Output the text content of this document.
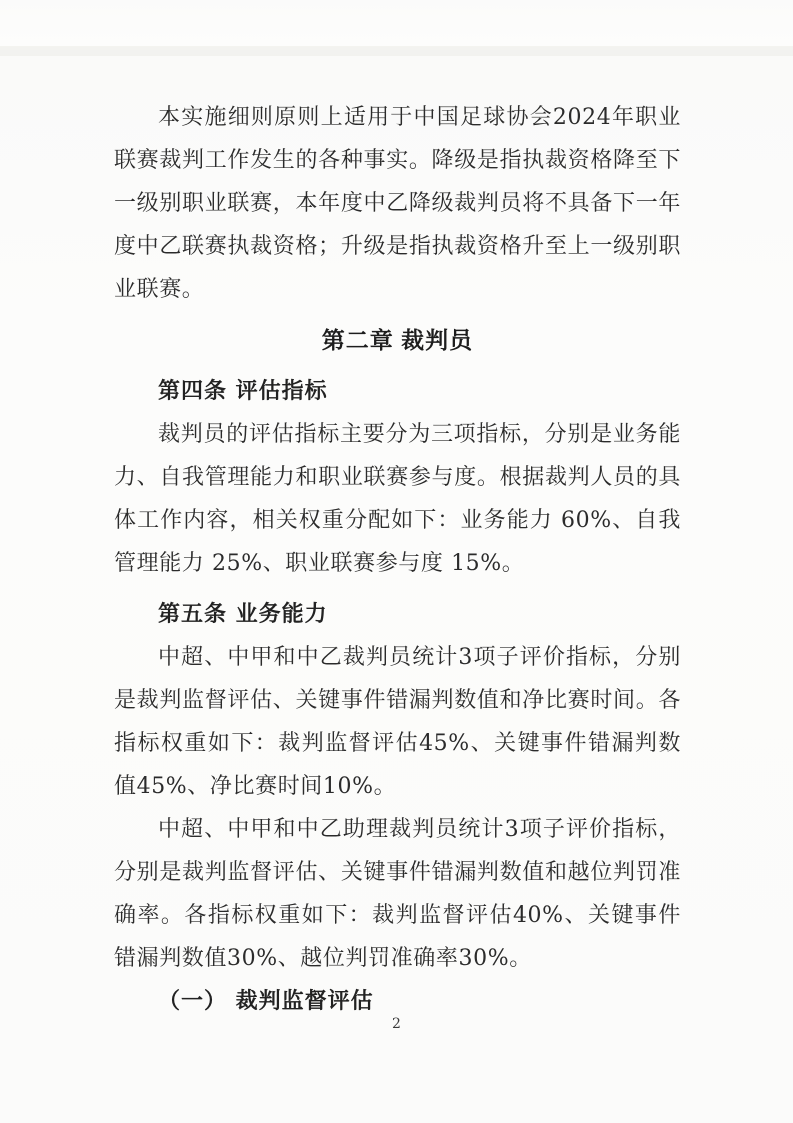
本实施细则原则上适用于中国足球协会2024年职业联赛裁判工作发生的各种事实。降级是指执裁资格降至下一级别职业联赛，本年度中乙降级裁判员将不具备下一年度中乙联赛执裁资格；升级是指执裁资格升至上一级别职业联赛。

第二章 裁判员
第四条 评估指标

裁判员的评估指标主要分为三项指标，分别是业务能力、自我管理能力和职业联赛参与度。根据裁判人员的具体工作内容，相关权重分配如下：业务能力 60%、自我管理能力 25%、职业联赛参与度 15%。

第五条 业务能力

中超、中甲和中乙裁判员统计3项子评价指标，分别是裁判监督评估、关键事件错漏判数值和净比赛时间。各指标权重如下：裁判监督评估45%、关键事件错漏判数值45%、净比赛时间10%。

中超、中甲和中乙助理裁判员统计3项子评价指标，分别是裁判监督评估、关键事件错漏判数值和越位判罚准确率。各指标权重如下：裁判监督评估40%、关键事件错漏判数值30%、越位判罚准确率30%。

（一） 裁判监督评估
2
